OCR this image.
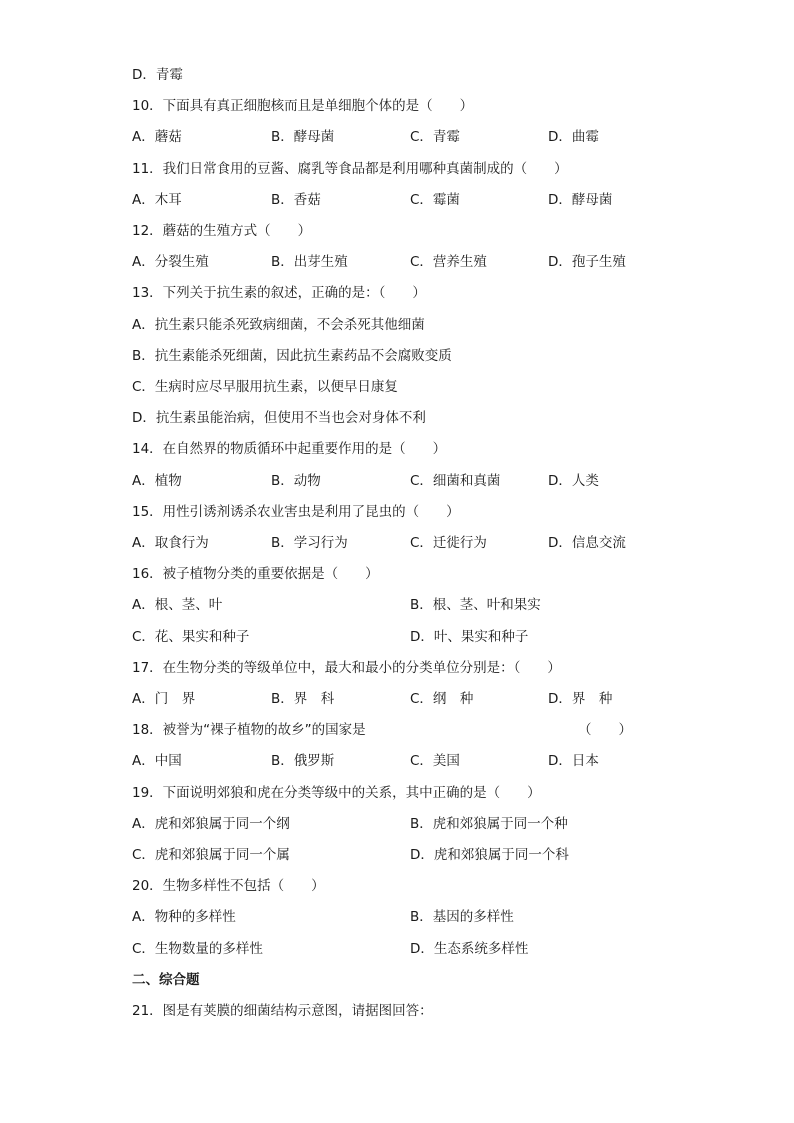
D．青霉
10．下面具有真正细胞核而且是单细胞个体的是（　　）
A．蘑菇	B．酵母菌	C．青霉	D．曲霉
11．我们日常食用的豆酱、腐乳等食品都是利用哪种真菌制成的（　　）
A．木耳	B．香菇	C．霉菌	D．酵母菌
12．蘑菇的生殖方式（　　）
A．分裂生殖	B．出芽生殖	C．营养生殖	D．孢子生殖
13．下列关于抗生素的叙述，正确的是：（　　）
A．抗生素只能杀死致病细菌，不会杀死其他细菌
B．抗生素能杀死细菌，因此抗生素药品不会腐败变质
C．生病时应尽早服用抗生素，以便早日康复
D．抗生素虽能治病，但使用不当也会对身体不利
14．在自然界的物质循环中起重要作用的是（　　）
A．植物	B．动物	C．细菌和真菌	D．人类
15．用性引诱剂诱杀农业害虫是利用了昆虫的（　　）
A．取食行为	B．学习行为	C．迁徙行为	D．信息交流
16．被子植物分类的重要依据是（　　）
A．根、茎、叶	B．根、茎、叶和果实
C．花、果实和种子	D．叶、果实和种子
17．在生物分类的等级单位中，最大和最小的分类单位分别是：（　　）
A．门　界	B．界　科	C．纲　种	D．界　种
18．被誉为“裸子植物的故乡”的国家是	（　　）
A．中国	B．俄罗斯	C．美国	D．日本
19．下面说明郊狼和虎在分类等级中的关系，其中正确的是（　　）
A．虎和郊狼属于同一个纲	B．虎和郊狼属于同一个种
C．虎和郊狼属于同一个属	D．虎和郊狼属于同一个科
20．生物多样性不包括（　　）
A．物种的多样性	B．基因的多样性
C．生物数量的多样性	D．生态系统多样性
二、综合题
21．图是有荚膜的细菌结构示意图，请据图回答：
